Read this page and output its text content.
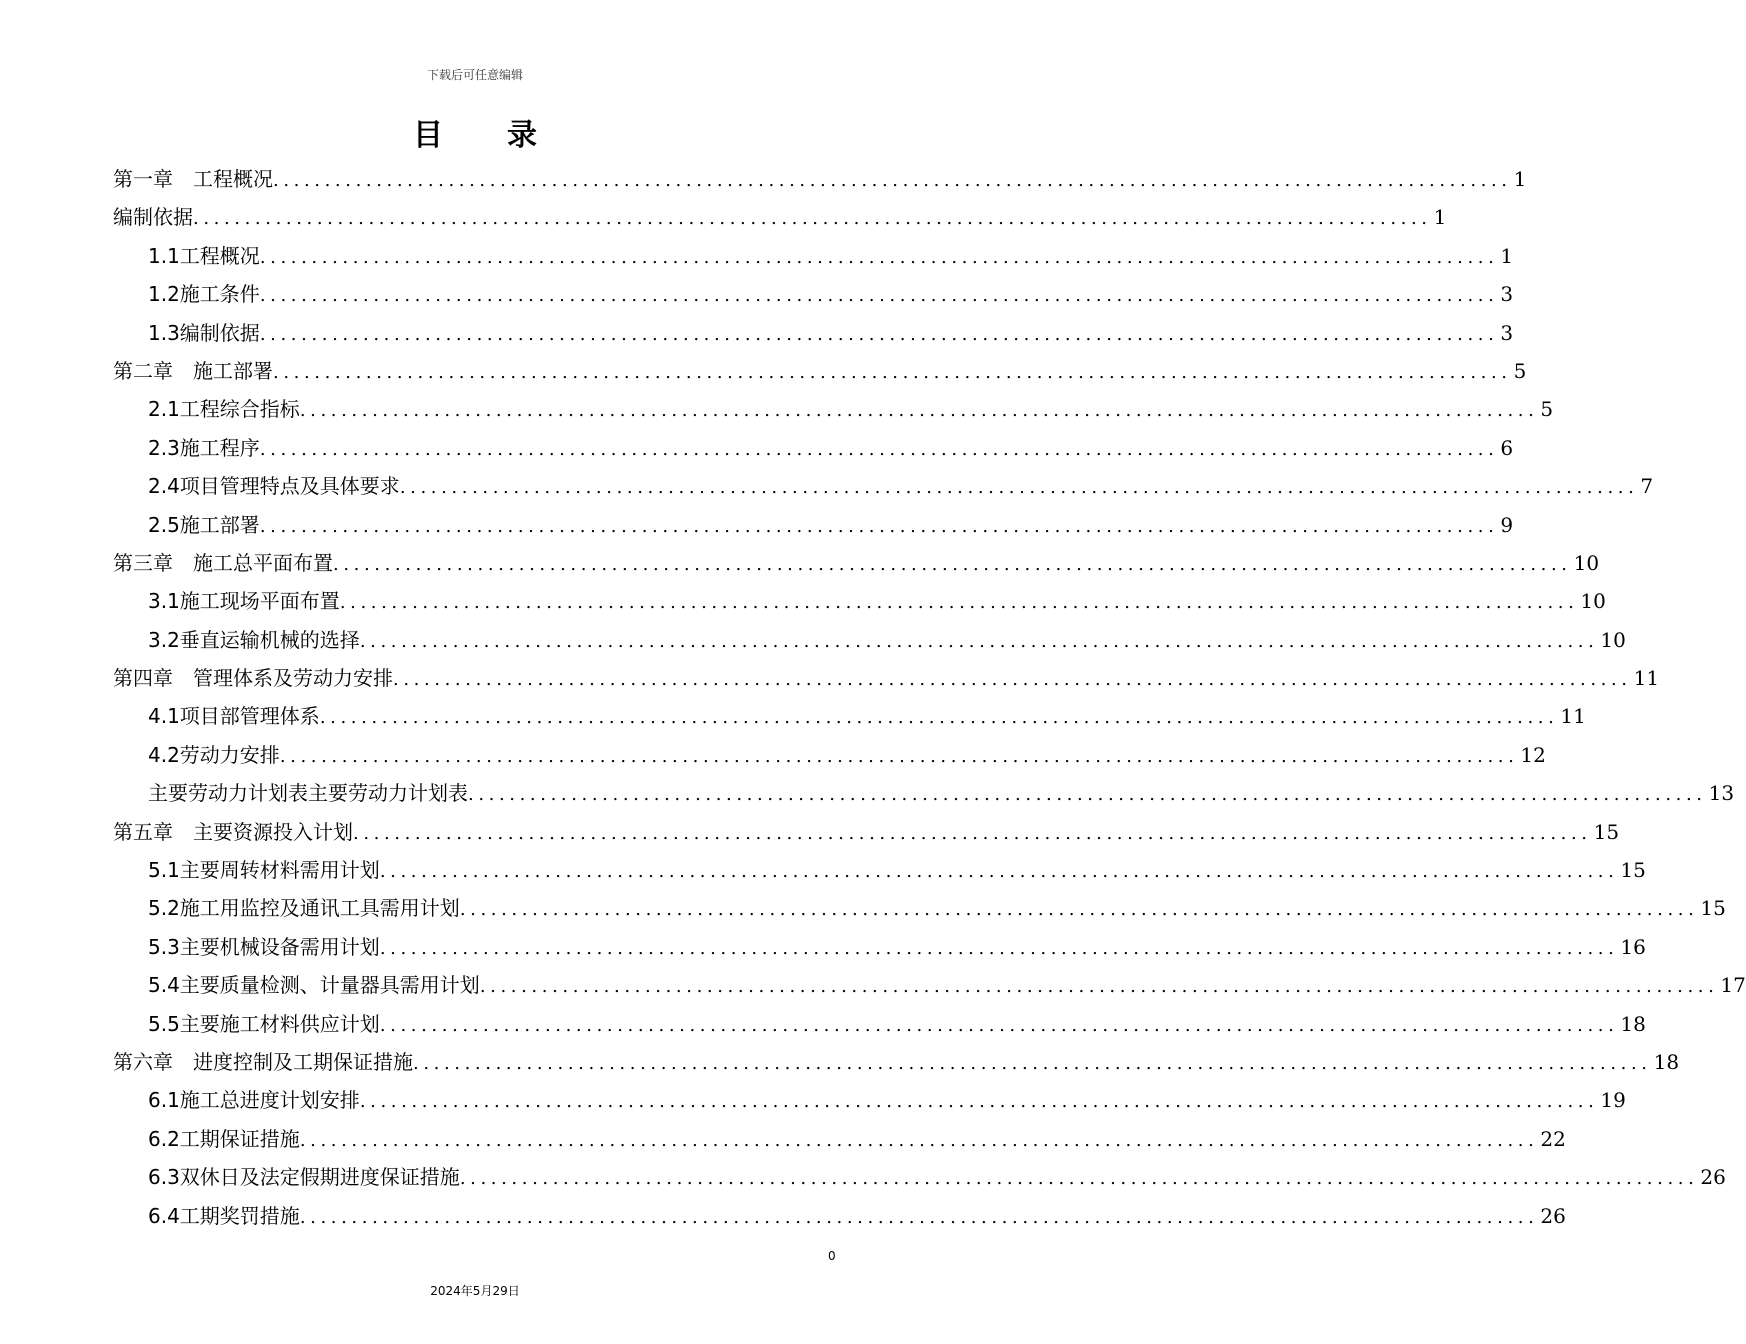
下载后可任意编辑
目录
第一章　工程概况 ........................................................................................................................ 1
编制依据 ........................................................................................................................ 1
1.1工程概况 ........................................................................................................................ 1
1.2施工条件 ........................................................................................................................ 3
1.3编制依据 ........................................................................................................................ 3
第二章　施工部署 ........................................................................................................................ 5
2.1工程综合指标 ........................................................................................................................ 5
2.3施工程序 ........................................................................................................................ 6
2.4项目管理特点及具体要求 ........................................................................................................................ 7
2.5施工部署 ........................................................................................................................ 9
第三章　施工总平面布置 ........................................................................................................................ 10
3.1施工现场平面布置 ........................................................................................................................ 10
3.2垂直运输机械的选择 ........................................................................................................................ 10
第四章　管理体系及劳动力安排 ........................................................................................................................ 11
4.1项目部管理体系 ........................................................................................................................ 11
4.2劳动力安排 ........................................................................................................................ 12
主要劳动力计划表主要劳动力计划表 ........................................................................................................................ 13
第五章　主要资源投入计划 ........................................................................................................................ 15
5.1主要周转材料需用计划 ........................................................................................................................ 15
5.2施工用监控及通讯工具需用计划 ........................................................................................................................ 15
5.3主要机械设备需用计划 ........................................................................................................................ 16
5.4主要质量检测、计量器具需用计划 ........................................................................................................................ 17
5.5主要施工材料供应计划 ........................................................................................................................ 18
第六章　进度控制及工期保证措施 ........................................................................................................................ 18
6.1施工总进度计划安排 ........................................................................................................................ 19
6.2工期保证措施 ........................................................................................................................ 22
6.3双休日及法定假期进度保证措施 ........................................................................................................................ 26
6.4工期奖罚措施 ........................................................................................................................ 26
0
2024年5月29日
